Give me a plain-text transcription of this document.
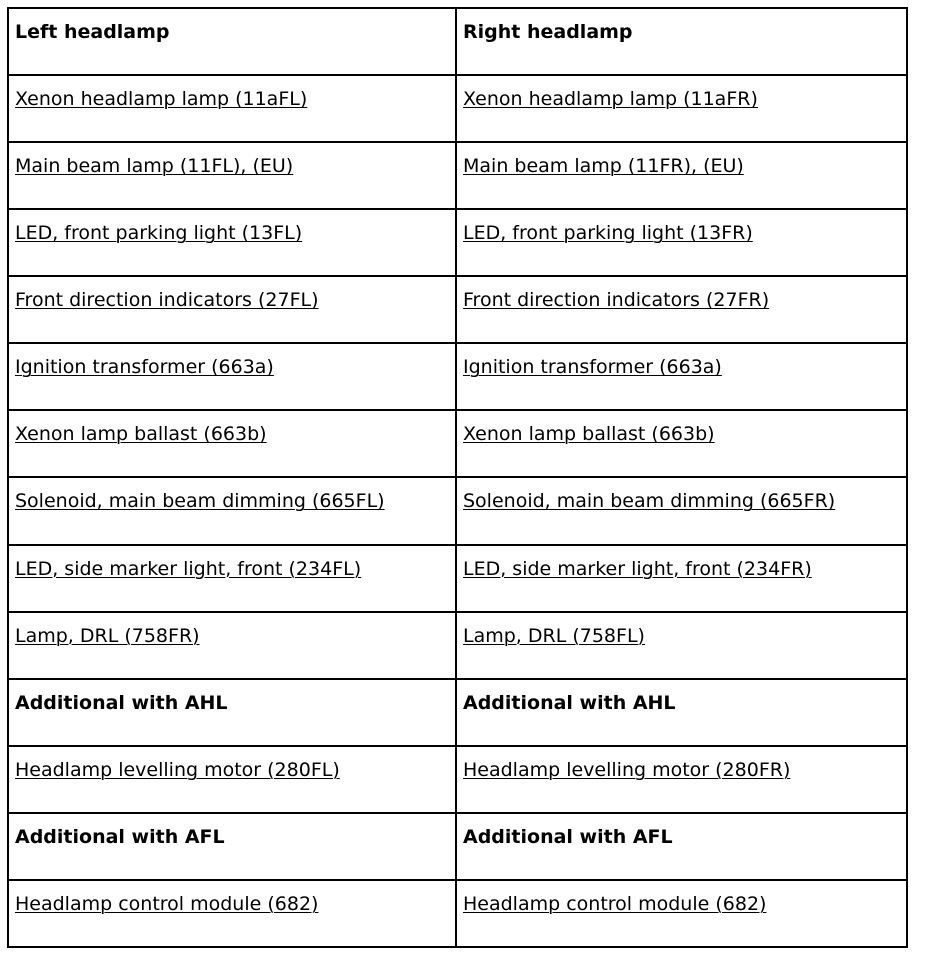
Left headlamp	Right headlamp
Xenon headlamp lamp (11aFL)	Xenon headlamp lamp (11aFR)
Main beam lamp (11FL), (EU)	Main beam lamp (11FR), (EU)
LED, front parking light (13FL)	LED, front parking light (13FR)
Front direction indicators (27FL)	Front direction indicators (27FR)
Ignition transformer (663a)	Ignition transformer (663a)
Xenon lamp ballast (663b)	Xenon lamp ballast (663b)
Solenoid, main beam dimming (665FL)	Solenoid, main beam dimming (665FR)
LED, side marker light, front (234FL)	LED, side marker light, front (234FR)
Lamp, DRL (758FR)	Lamp, DRL (758FL)
Additional with AHL	Additional with AHL
Headlamp levelling motor (280FL)	Headlamp levelling motor (280FR)
Additional with AFL	Additional with AFL
Headlamp control module (682)	Headlamp control module (682)
